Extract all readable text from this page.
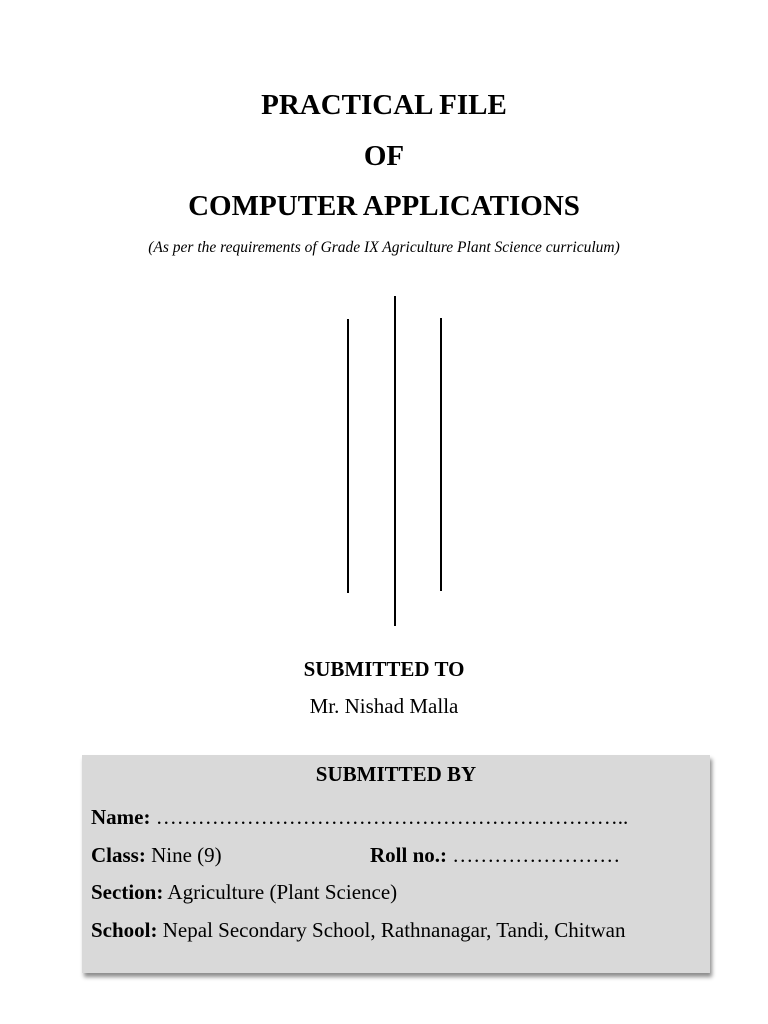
PRACTICAL FILE
OF
COMPUTER APPLICATIONS
(As per the requirements of Grade IX Agriculture Plant Science curriculum)
SUBMITTED TO
Mr. Nishad Malla
SUBMITTED BY
Name: …………………………………………………………..
Class: Nine (9)	Roll no.: ……………………
Section: Agriculture (Plant Science)
School: Nepal Secondary School, Rathnanagar, Tandi, Chitwan
